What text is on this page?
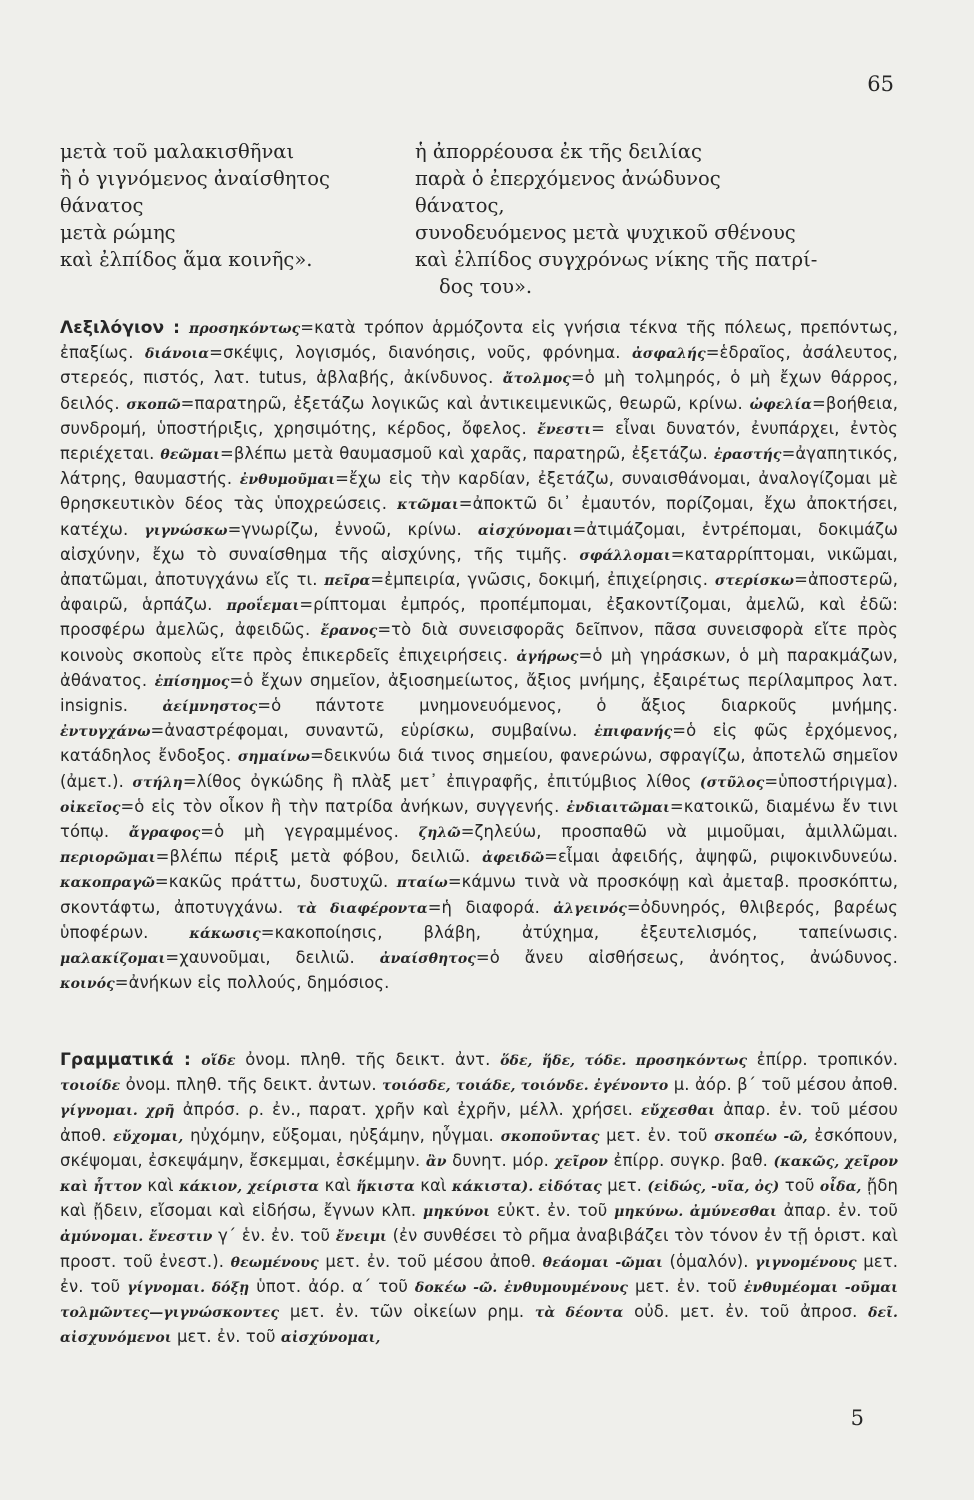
65
μετὰ τοῦ μαλακισθῆναι
ἢ ὁ γιγνόμενος ἀναίσθητος
θάνατος
μετὰ ρώμης
καὶ ἐλπίδος ἅμα κοινῆς».
ἡ ἀπορρέουσα ἐκ τῆς δειλίας
παρὰ ὁ ἐπερχόμενος ἀνώδυνος
θάνατος,
συνοδευόμενος μετὰ ψυχικοῦ σθένους
καὶ ἐλπίδος συγχρόνως νίκης τῆς πατρί-
δος του».
Λεξιλόγιον : προσηκόντως=κατὰ τρόπον ἁρμόζοντα εἰς γνήσια τέκνα τῆς πόλεως, πρεπόντως, ἐπαξίως. διάνοια=σκέψις, λογισμός, διανόησις, νοῦς, φρόνημα. ἀσφαλής=ἑδραῖος, ἀσάλευτος, στερεός, πιστός, λατ. tutus, ἀβλαβής, ἀκίνδυνος. ἄτολμος=ὁ μὴ τολμηρός, ὁ μὴ ἔχων θάρρος, δειλός. σκοπῶ=παρατηρῶ, ἐξετάζω λογικῶς καὶ ἀντικειμενικῶς, θεωρῶ, κρίνω. ὠφελία=βοήθεια, συνδρομή, ὑποστήριξις, χρησιμότης, κέρδος, ὄφελος. ἔνεστι= εἶναι δυνατόν, ἐνυπάρχει, ἐντὸς περιέχεται. θεῶμαι=βλέπω μετὰ θαυμασμοῦ καὶ χαρᾶς, παρατηρῶ, ἐξετάζω. ἐραστής=ἀγαπητικός, λάτρης, θαυμαστής. ἐνθυμοῦμαι=ἔχω εἰς τὴν καρδίαν, ἐξετάζω, συναισθάνομαι, ἀναλογίζομαι μὲ θρησκευτικὸν δέος τὰς ὑποχρεώσεις. κτῶμαι=ἀποκτῶ δι᾽ ἐμαυτόν, πορίζομαι, ἔχω ἀποκτήσει, κατέχω. γιγνώσκω=γνωρίζω, ἐννοῶ, κρίνω. αἰσχύνομαι=ἀτιμάζομαι, ἐντρέπομαι, δοκιμάζω αἰσχύνην, ἔχω τὸ συναίσθημα τῆς αἰσχύνης, τῆς τιμῆς. σφάλλομαι=καταρρίπτομαι, νικῶμαι, ἀπατῶμαι, ἀποτυγχάνω εἴς τι. πεῖρα=ἐμπειρία, γνῶσις, δοκιμή, ἐπιχείρησις. στερίσκω=ἀποστερῶ, ἀφαιρῶ, ἁρπάζω. προΐεμαι=ρίπτομαι ἐμπρός, προπέμπομαι, ἐξακοντίζομαι, ἀμελῶ, καὶ ἐδῶ: προσφέρω ἀμελῶς, ἀφειδῶς. ἔρανος=τὸ διὰ συνεισφορᾶς δεῖπνον, πᾶσα συνεισφορὰ εἴτε πρὸς κοινοὺς σκοποὺς εἴτε πρὸς ἐπικερδεῖς ἐπιχειρήσεις. ἀγήρως=ὁ μὴ γηράσκων, ὁ μὴ παρακμάζων, ἀθάνατος. ἐπίσημος=ὁ ἔχων σημεῖον, ἀξιοσημείωτος, ἄξιος μνήμης, ἐξαιρέτως περίλαμπρος λατ. insignis. ἀείμνηστος=ὁ πάντοτε μνημονευόμενος, ὁ ἄξιος διαρκοῦς μνήμης. ἐντυγχάνω=ἀναστρέφομαι, συναντῶ, εὑρίσκω, συμβαίνω. ἐπιφανής=ὁ εἰς φῶς ἐρχόμενος, κατάδηλος ἔνδοξος. σημαίνω=δεικνύω διά τινος σημείου, φανερώνω, σφραγίζω, ἀποτελῶ σημεῖον (ἀμετ.). στήλη=λίθος ὀγκώδης ἢ πλὰξ μετ᾽ ἐπιγραφῆς, ἐπιτύμβιος λίθος (στῦλος=ὑποστήριγμα). οἰκεῖος=ὁ εἰς τὸν οἶκον ἢ τὴν πατρίδα ἀνήκων, συγγενής. ἐνδιαιτῶμαι=κατοικῶ, διαμένω ἔν τινι τόπῳ. ἄγραφος=ὁ μὴ γεγραμμένος. ζηλῶ=ζηλεύω, προσπαθῶ νὰ μιμοῦμαι, ἁμιλλῶμαι. περιορῶμαι=βλέπω πέριξ μετὰ φόβου, δειλιῶ. ἀφειδῶ=εἶμαι ἀφειδής, ἀψηφῶ, ριψοκινδυνεύω. κακοπραγῶ=κακῶς πράττω, δυστυχῶ. πταίω=κάμνω τινὰ νὰ προσκόψῃ καὶ ἀμεταβ. προσκόπτω, σκοντάφτω, ἀποτυγχάνω. τὰ διαφέροντα=ἡ διαφορά. ἀλγεινός=ὀδυνηρός, θλιβερός, βαρέως ὑποφέρων.	κάκωσις=κακοποίησις, βλάβη, ἀτύχημα, ἐξευτελισμός, ταπείνωσις. μαλακίζομαι=χαυνοῦμαι, δειλιῶ. ἀναίσθητος=ὁ ἄνευ αἰσθήσεως, ἀνόητος, ἀνώδυνος. κοινός=ἀνήκων εἰς πολλούς, δημόσιος.
Γραμματικά : οἵδε ὀνομ. πληθ. τῆς δεικτ. ἀντ. ὅδε, ἥδε, τόδε. προσηκόντως ἐπίρρ. τροπικόν. τοιοίδε ὀνομ. πληθ. τῆς δεικτ. ἀντων. τοιόσδε, τοιάδε, τοιόνδε. ἐγένοντο μ. ἀόρ. β΄ τοῦ μέσου ἀποθ. γίγνομαι. χρῆ ἀπρόσ. ρ. ἐν., παρατ. χρῆν καὶ ἐχρῆν, μέλλ. χρήσει. εὔχεσθαι ἀπαρ. ἐν. τοῦ μέσου ἀποθ. εὔχομαι, ηὐχόμην, εὔξομαι, ηὐξάμην, ηὖγμαι. σκοποῦντας μετ. ἐν. τοῦ σκοπέω -ῶ, ἐσκόπουν, σκέψομαι, ἐσκεψάμην, ἔσκεμμαι, ἐσκέμμην. ἂν δυνητ. μόρ. χεῖρον ἐπίρρ. συγκρ. βαθ. (κακῶς, χεῖρον καὶ ἧττον καὶ κάκιον, χείριστα καὶ ἥκιστα καὶ κάκιστα). εἰδότας μετ. (εἰδώς, -υῖα, ὀς) τοῦ οἶδα, ᾔδη καὶ ᾔδειν, εἴσομαι καὶ εἰδήσω, ἔγνων κλπ. μηκύνοι εὐκτ. ἐν. τοῦ μηκύνω. ἀμύνεσθαι ἀπαρ. ἐν. τοῦ ἀμύνομαι. ἔνεστιν γ΄ ἑν. ἐν. τοῦ ἔνειμι (ἐν συνθέσει τὸ ρῆμα ἀναβιβάζει τὸν τόνον ἐν τῇ ὁριστ. καὶ προστ. τοῦ ἐνεστ.). θεωμένους μετ. ἐν. τοῦ μέσου ἀποθ. θεάομαι -ῶμαι (ὁμαλόν). γιγνομένους μετ. ἐν. τοῦ γίγνομαι. δόξῃ ὑποτ. ἀόρ. α΄ τοῦ δοκέω -ῶ. ἐνθυμουμένους μετ. ἐν. τοῦ ἐνθυμέομαι -οῦμαι τολμῶντες—γιγνώσκοντες μετ. ἐν. τῶν οἰκείων ρημ. τὰ δέοντα οὐδ. μετ. ἐν. τοῦ ἀπροσ. δεῖ. αἰσχυνόμενοι μετ. ἐν. τοῦ αἰσχύνομαι,
5
